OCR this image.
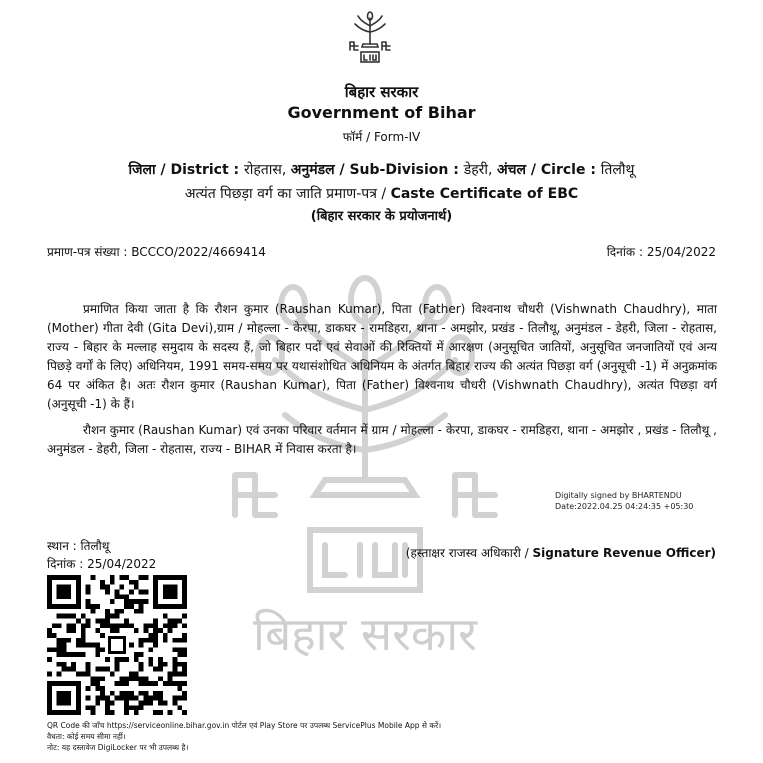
बिहार सरकार
बिहार सरकार
Government of Bihar
फॉर्म / Form-IV
जिला / District : रोहतास, अनुमंडल / Sub-Division : डेहरी, अंचल / Circle : तिलौथू
अत्यंत पिछड़ा वर्ग का जाति प्रमाण-पत्र / Caste Certificate of EBC
(बिहार सरकार के प्रयोजनार्थ)
प्रमाण-पत्र संख्या : BCCCO/2022/4669414	दिनांक : 25/04/2022

प्रमाणित किया जाता है कि रौशन कुमार (Raushan Kumar), पिता (Father) विश्वनाथ चौधरी (Vishwnath Chaudhry), माता (Mother) गीता देवी (Gita Devi),ग्राम / मोहल्ला - केरपा, डाकघर - रामडिहरा, थाना - अमझोर, प्रखंड - तिलौथू, अनुमंडल - डेहरी, जिला - रोहतास, राज्य - बिहार के मल्लाह समुदाय के सदस्य हैं, जो बिहार पदों एवं सेवाओं की रिक्तियों में आरक्षण (अनुसूचित जातियों, अनुसूचित जनजातियों एवं अन्य पिछड़े वर्गों के लिए) अधिनियम, 1991 समय-समय पर यथासंशोधित अधिनियम के अंतर्गत बिहार राज्य की अत्यंत पिछड़ा वर्ग (अनुसूची -1) में अनुक्रमांक 64 पर अंकित है। अतः रौशन कुमार (Raushan Kumar), पिता (Father) विश्वनाथ चौधरी (Vishwnath Chaudhry), अत्यंत पिछड़ा वर्ग (अनुसूची -1) के हैं।

रौशन कुमार (Raushan Kumar) एवं उनका परिवार वर्तमान में ग्राम / मोहल्ला - केरपा, डाकघर - रामडिहरा, थाना - अमझोर , प्रखंड - तिलौथू , अनुमंडल - डेहरी, जिला - रोहतास, राज्य - BIHAR में निवास करता है।

Digitally signed by BHARTENDU
Date:2022.04.25 04:24:35 +05:30
स्थान : तिलौथू
दिनांक : 25/04/2022
(हस्ताक्षर राजस्व अधिकारी / Signature Revenue Officer)
QR Code की जाँच https://serviceonline.bihar.gov.in पोर्टल एवं Play Store पर उपलब्ध ServicePlus Mobile App से करें।
वैधता: कोई समय सीमा नहीं।
नोट: यह दस्तावेज DigiLocker पर भी उपलब्ध है।
